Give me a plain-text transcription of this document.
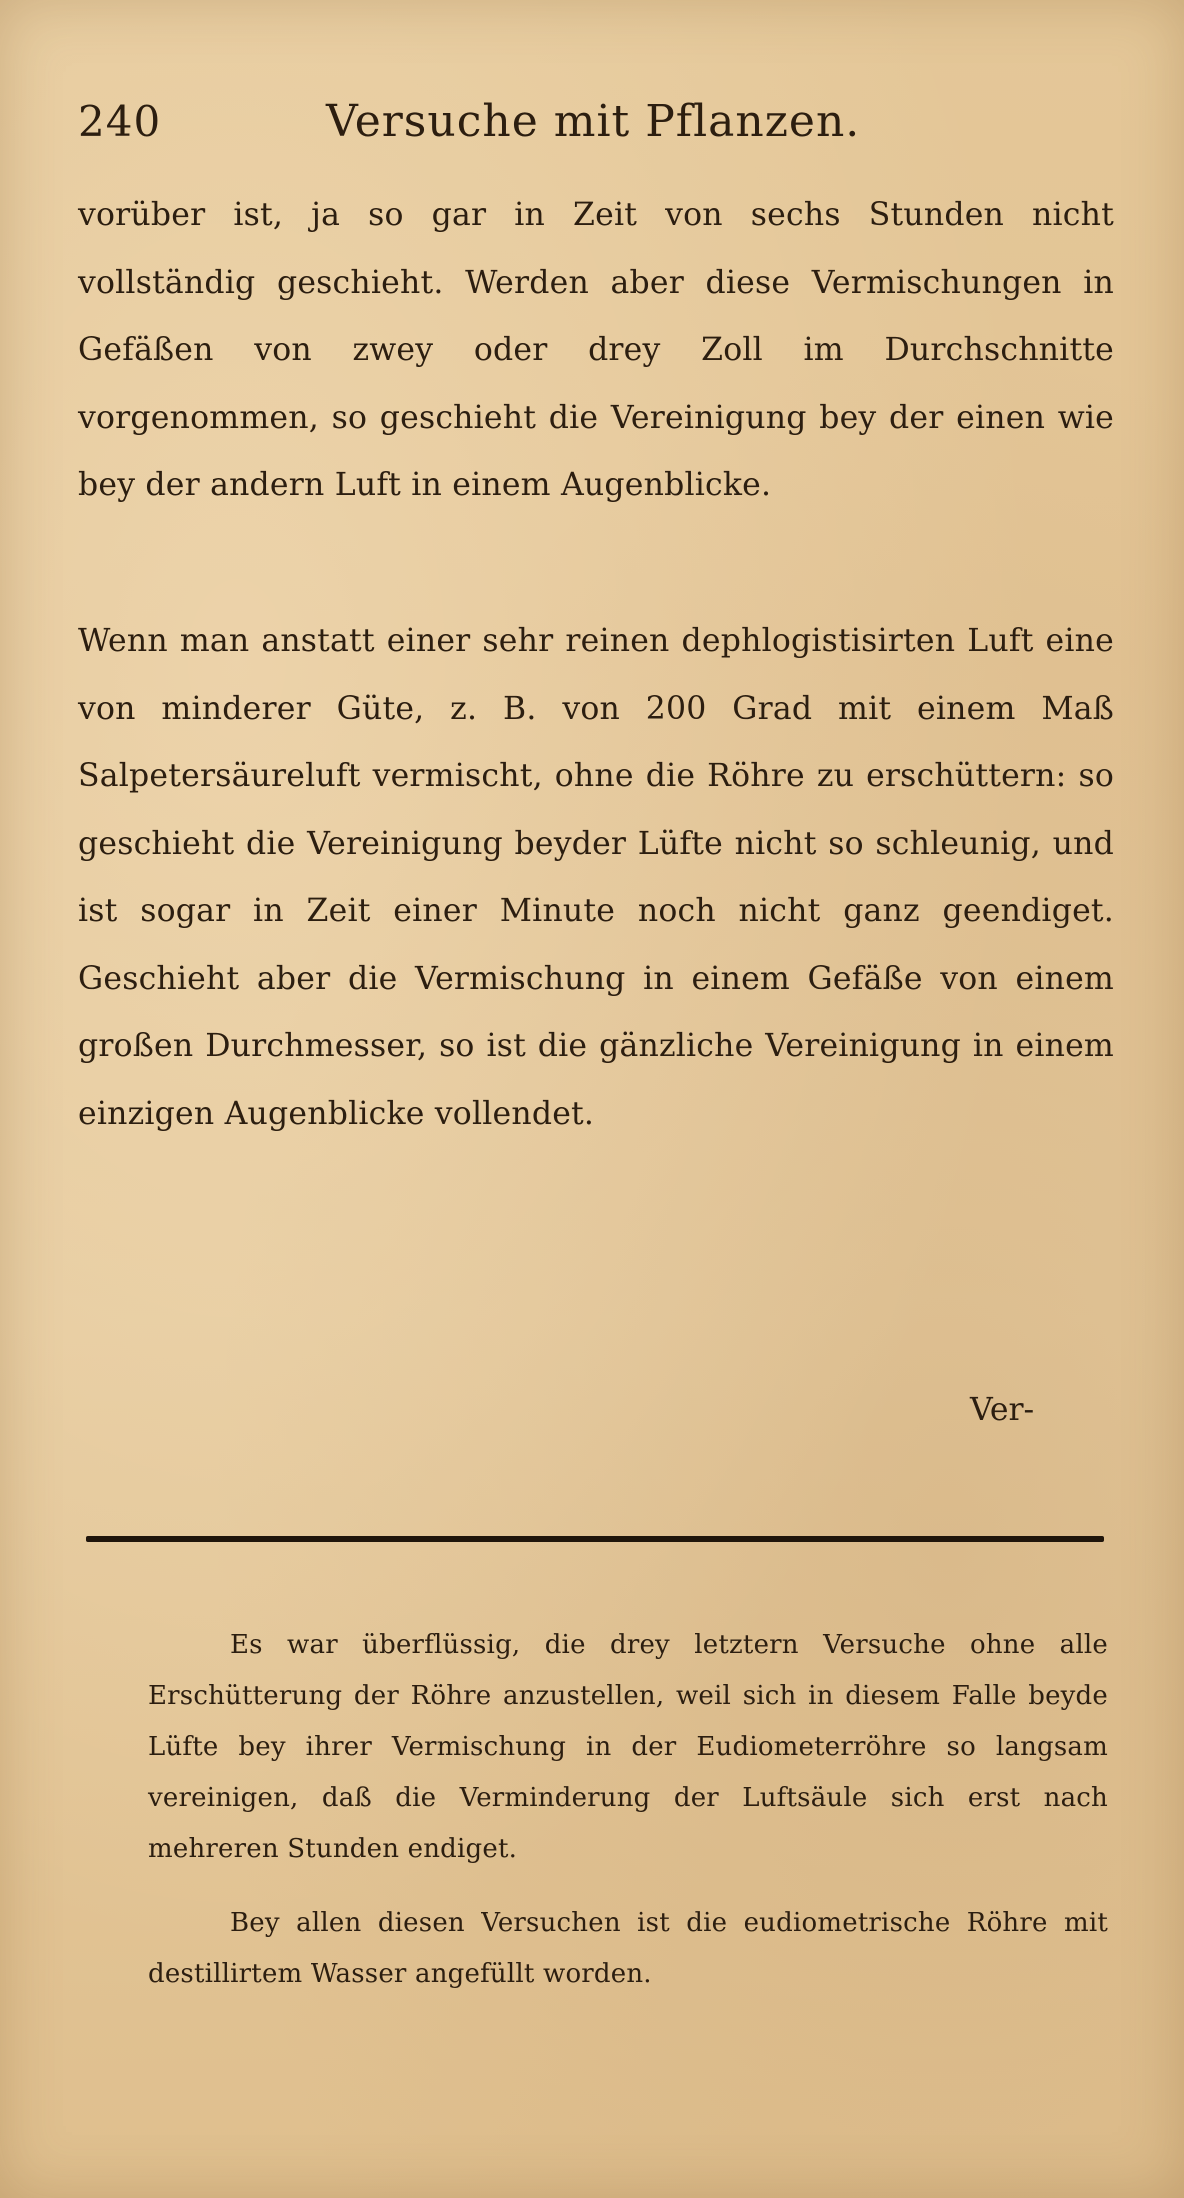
240	Versuche mit Pflanzen.

vorüber ist, ja so gar in Zeit von sechs Stunden nicht vollständig geschieht. Werden aber diese Vermischungen in Gefäßen von zwey oder drey Zoll im Durchschnitte vorgenommen, so geschieht die Vereinigung bey der einen wie bey der andern Luft in einem Augenblicke.

Wenn man anstatt einer sehr reinen dephlogistisirten Luft eine von minderer Güte, z. B. von 200 Grad mit einem Maß Salpetersäureluft vermischt, ohne die Röhre zu erschüttern: so geschieht die Vereinigung beyder Lüfte nicht so schleunig, und ist sogar in Zeit einer Minute noch nicht ganz geendiget. Geschieht aber die Vermischung in einem Gefäße von einem großen Durchmesser, so ist die gänzliche Vereinigung in einem einzigen Augenblicke vollendet.

Ver-

Es war überflüssig, die drey letztern Versuche ohne alle Erschütterung der Röhre anzustellen, weil sich in diesem Falle beyde Lüfte bey ihrer Vermischung in der Eudiometerröhre so langsam vereinigen, daß die Verminderung der Luftsäule sich erst nach mehreren Stunden endiget.

Bey allen diesen Versuchen ist die eudiometrische Röhre mit destillirtem Wasser angefüllt worden.
